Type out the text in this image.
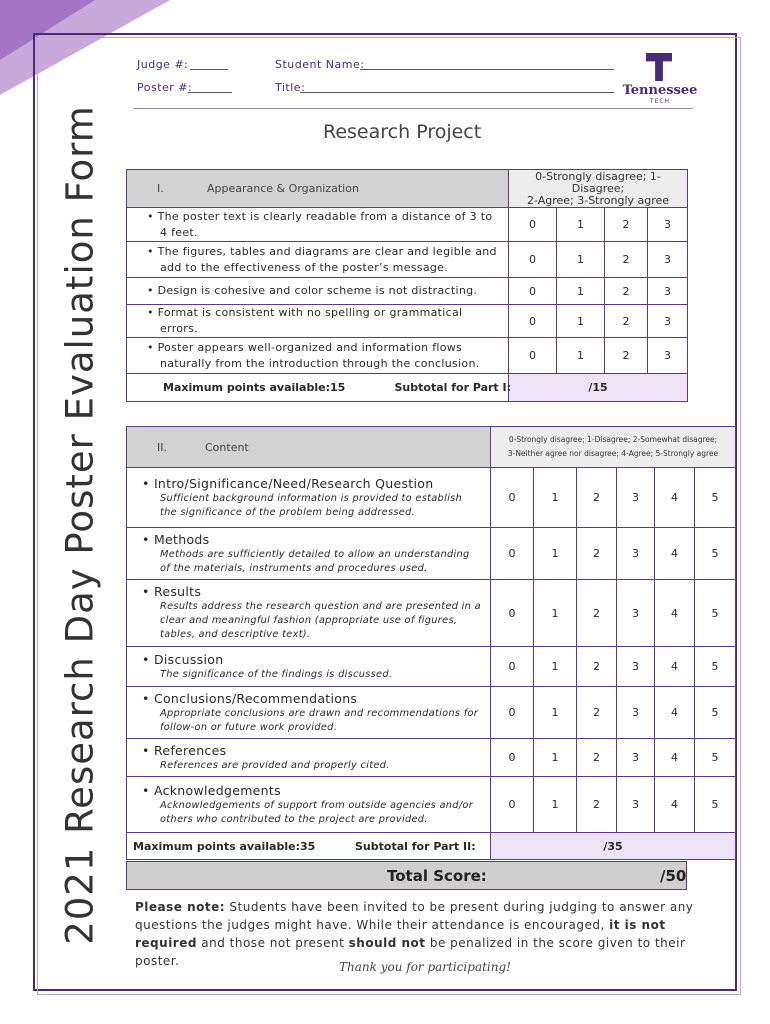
2021 Research Day Poster Evaluation Form
Judge #:
Poster #:
Student Name:
Title:	Tennessee
TECH
Research Project
I. Appearance & Organization	0-Strongly disagree; 1-Disagree;
2-Agree; 3-Strongly agree			

• The poster text is clearly readable from a distance of 3 to 4 feet.	0	1	2	3

• The figures, tables and diagrams are clear and legible and add to the effectiveness of the poster’s message.	0	1	2	3

• Design is cohesive and color scheme is not distracting.	0	1	2	3

• Format is consistent with no spelling or grammatical errors.	0	1	2	3

• Poster appears well-organized and information flows naturally from the introduction through the conclusion.	0	1	2	3
Maximum points available:15 Subtotal for Part I:	/15			
II. Content	0-Strongly disagree; 1-Disagree; 2-Somewhat disagree;
3-Neither agree nor disagree; 4-Agree; 5-Strongly agree					

• Intro/Significance/Need/Research Question
Sufficient background information is provided to establish the significance of the problem being addressed.	0	1	2	3	4	5

• Methods
Methods are sufficiently detailed to allow an understanding of the materials, instruments and procedures used.	0	1	2	3	4	5

• Results
Results address the research question and are presented in a clear and meaningful fashion (appropriate use of figures, tables, and descriptive text).	0	1	2	3	4	5

• Discussion
The significance of the findings is discussed.	0	1	2	3	4	5

• Conclusions/Recommendations
Appropriate conclusions are drawn and recommendations for follow-on or future work provided.	0	1	2	3	4	5

• References
References are provided and properly cited.	0	1	2	3	4	5

• Acknowledgements
Acknowledgements of support from outside agencies and/or others who contributed to the project are provided.	0	1	2	3	4	5
Maximum points available:35 Subtotal for Part II:	/35					
Total Score:	/50
Please note: Students have been invited to be present during judging to answer any questions the judges might have. While their attendance is encouraged, it is not required and those not present should not be penalized in the score given to their poster.	Thank you for participating!
